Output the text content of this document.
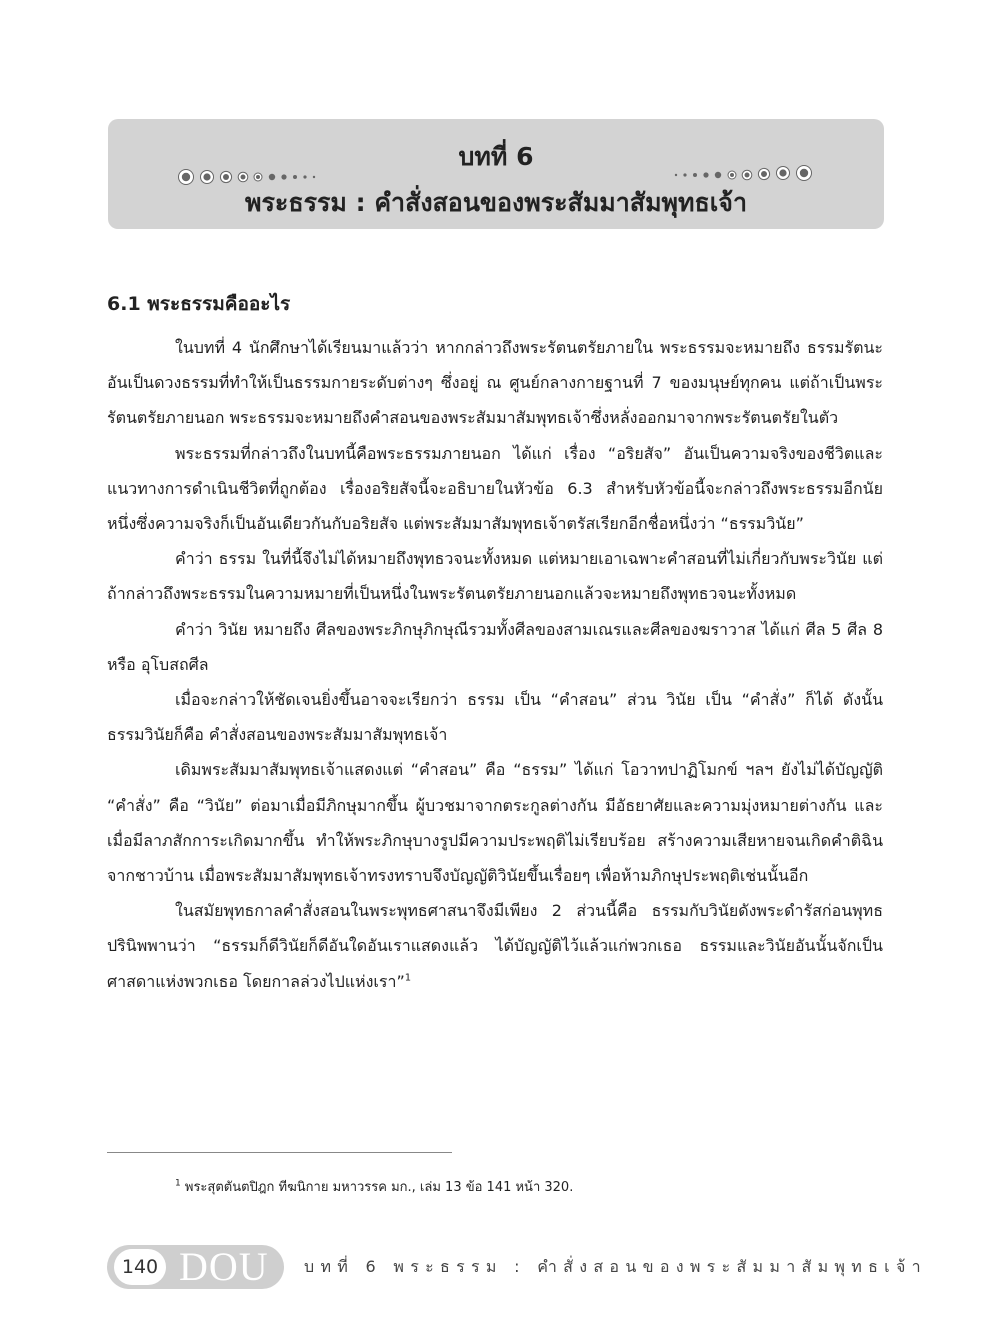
บทที่ 6
พระธรรม : คำสั่งสอนของพระสัมมาสัมพุทธเจ้า
6.1 พระธรรมคืออะไร

ในบทที่ 4 นักศึกษาได้เรียนมาแล้วว่า หากกล่าวถึงพระรัตนตรัยภายใน พระธรรมจะหมายถึง ธรรมรัตนะ อันเป็นดวงธรรมที่ทำให้เป็นธรรมกายระดับต่างๆ ซึ่งอยู่ ณ ศูนย์กลางกายฐานที่ 7 ของมนุษย์ทุกคน แต่ถ้าเป็นพระรัตนตรัยภายนอก พระธรรมจะหมายถึงคำสอนของพระสัมมาสัมพุทธเจ้าซึ่งหลั่งออกมาจากพระรัตนตรัยในตัว

พระธรรมที่กล่าวถึงในบทนี้คือพระธรรมภายนอก ได้แก่ เรื่อง “อริยสัจ” อันเป็นความจริงของชีวิตและแนวทางการดำเนินชีวิตที่ถูกต้อง เรื่องอริยสัจนี้จะอธิบายในหัวข้อ 6.3 สำหรับหัวข้อนี้จะกล่าวถึงพระธรรมอีกนัยหนึ่งซึ่งความจริงก็เป็นอันเดียวกันกับอริยสัจ แต่พระสัมมาสัมพุทธเจ้าตรัสเรียกอีกชื่อหนึ่งว่า “ธรรมวินัย”

คำว่า ธรรม ในที่นี้จึงไม่ได้หมายถึงพุทธวจนะทั้งหมด แต่หมายเอาเฉพาะคำสอนที่ไม่เกี่ยวกับพระวินัย แต่ถ้ากล่าวถึงพระธรรมในความหมายที่เป็นหนึ่งในพระรัตนตรัยภายนอกแล้วจะหมายถึงพุทธวจนะทั้งหมด

คำว่า วินัย หมายถึง ศีลของพระภิกษุภิกษุณีรวมทั้งศีลของสามเณรและศีลของฆราวาส ได้แก่ ศีล 5 ศีล 8 หรือ อุโบสถศีล

เมื่อจะกล่าวให้ชัดเจนยิ่งขึ้นอาจจะเรียกว่า ธรรม เป็น “คำสอน” ส่วน วินัย เป็น “คำสั่ง” ก็ได้ ดังนั้น ธรรมวินัยก็คือ คำสั่งสอนของพระสัมมาสัมพุทธเจ้า

เดิมพระสัมมาสัมพุทธเจ้าแสดงแต่ “คำสอน” คือ “ธรรม” ได้แก่ โอวาทปาฏิโมกข์ ฯลฯ ยังไม่ได้บัญญัติ “คำสั่ง” คือ “วินัย” ต่อมาเมื่อมีภิกษุมากขึ้น ผู้บวชมาจากตระกูลต่างกัน มีอัธยาศัยและความมุ่งหมายต่างกัน และเมื่อมีลาภสักการะเกิดมากขึ้น ทำให้พระภิกษุบางรูปมีความประพฤติไม่เรียบร้อย สร้างความเสียหายจนเกิดคำติฉินจากชาวบ้าน เมื่อพระสัมมาสัมพุทธเจ้าทรงทราบจึงบัญญัติวินัยขึ้นเรื่อยๆ เพื่อห้ามภิกษุประพฤติเช่นนั้นอีก

ในสมัยพุทธกาลคำสั่งสอนในพระพุทธศาสนาจึงมีเพียง 2 ส่วนนี้คือ ธรรมกับวินัยดังพระดำรัสก่อนพุทธปรินิพพานว่า “ธรรมก็ดีวินัยก็ดีอันใดอันเราแสดงแล้ว ได้บัญญัติไว้แล้วแก่พวกเธอ ธรรมและวินัยอันนั้นจักเป็นศาสดาแห่งพวกเธอ โดยกาลล่วงไปแห่งเรา”$^1$

$^1$ พระสุตตันตปิฎก ทีฆนิกาย มหาวรรค มก., เล่ม 13 ข้อ 141 หน้า 320.
140 DOU บทที่ 6 พระธรรม : คำสั่งสอนของพระสัมมาสัมพุทธเจ้า
